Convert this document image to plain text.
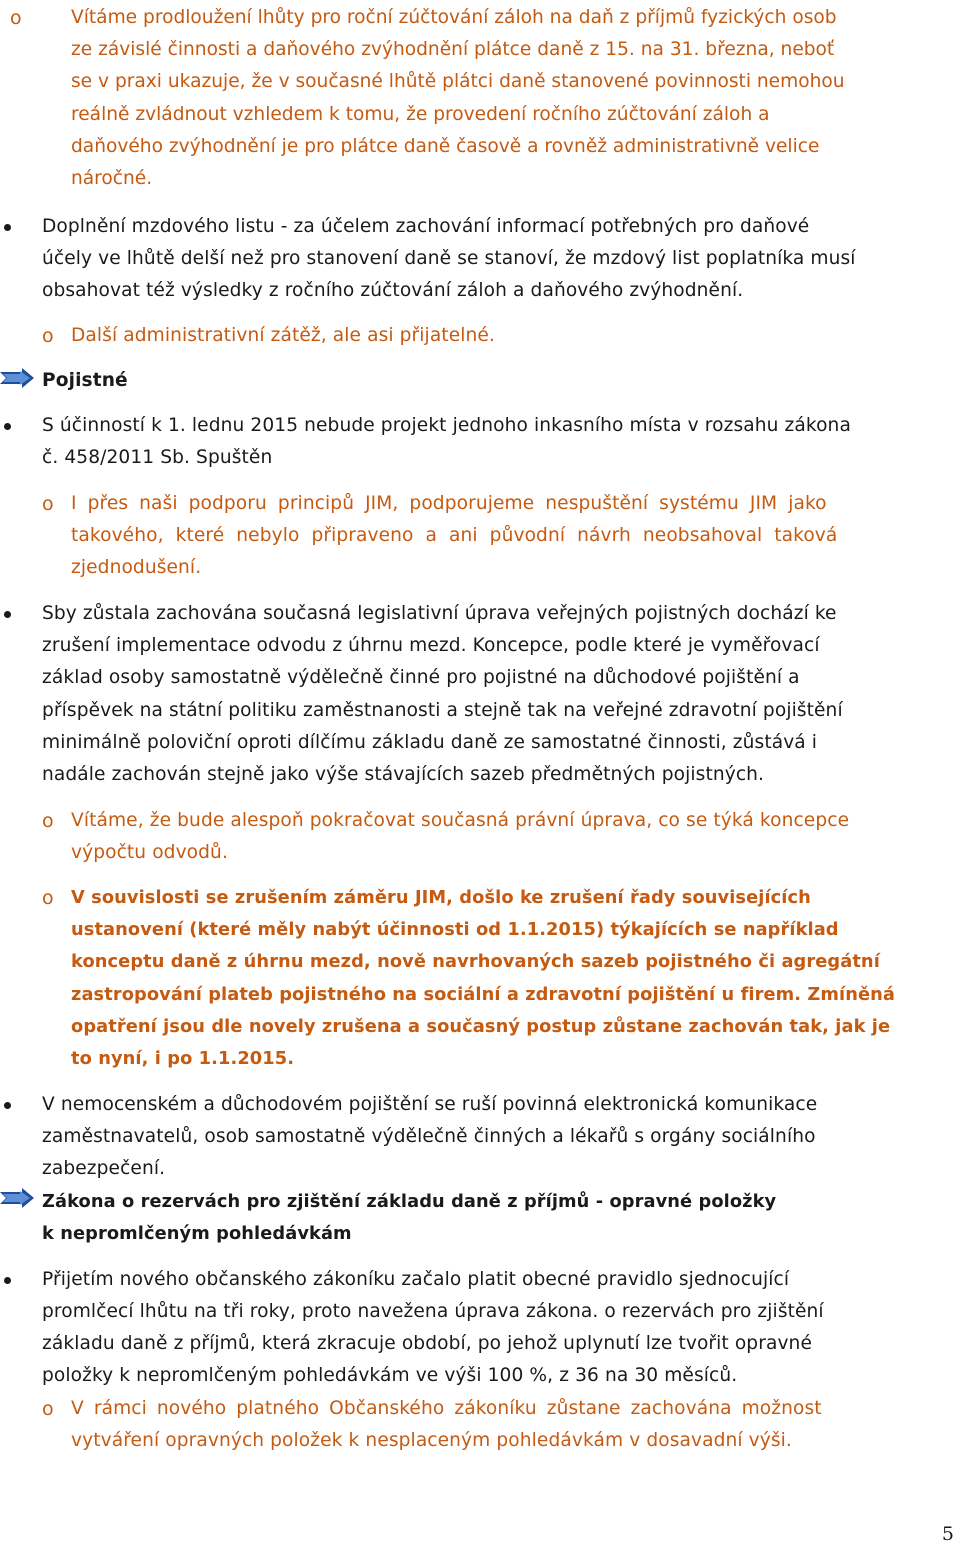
o	Vítáme prodloužení lhůty pro roční zúčtování záloh na daň z příjmů fyzických osob
ze závislé činnosti a daňového zvýhodnění plátce daně z 15. na 31. března, neboť
se v praxi ukazuje, že v současné lhůtě plátci daně stanovené povinnosti nemohou
reálně zvládnout vzhledem k tomu, že provedení ročního zúčtování záloh a
daňového zvýhodnění je pro plátce daně časově a rovněž administrativně velice
náročné.
Doplnění mzdového listu - za účelem zachování informací potřebných pro daňové
účely ve lhůtě delší než pro stanovení daně se stanoví, že mzdový list poplatníka musí
obsahovat též výsledky z ročního zúčtování záloh a daňového zvýhodnění.
o Další administrativní zátěž, ale asi přijatelné.
Pojistné
S účinností k 1. lednu 2015 nebude projekt jednoho inkasního místa v rozsahu zákona
č. 458/2011 Sb. Spuštěn
o I přes naši podporu principů JIM, podporujeme nespuštění systému JIM jako
takového, které nebylo připraveno a ani původní návrh neobsahoval taková
zjednodušení.
Sby zůstala zachována současná legislativní úprava veřejných pojistných dochází ke
zrušení implementace odvodu z úhrnu mezd. Koncepce, podle které je vyměřovací
základ osoby samostatně výdělečně činné pro pojistné na důchodové pojištění a
příspěvek na státní politiku zaměstnanosti a stejně tak na veřejné zdravotní pojištění
minimálně poloviční oproti dílčímu základu daně ze samostatné činnosti, zůstává i
nadále zachován stejně jako výše stávajících sazeb předmětných pojistných.
o Vítáme, že bude alespoň pokračovat současná právní úprava, co se týká koncepce
výpočtu odvodů.
o V souvislosti se zrušením záměru JIM, došlo ke zrušení řady souvisejících
ustanovení (které měly nabýt účinnosti od 1.1.2015) týkajících se například
konceptu daně z úhrnu mezd, nově navrhovaných sazeb pojistného či agregátní
zastropování plateb pojistného na sociální a zdravotní pojištění u firem. Zmíněná
opatření jsou dle novely zrušena a současný postup zůstane zachován tak, jak je
to nyní, i po 1.1.2015.
V nemocenském a důchodovém pojištění se ruší povinná elektronická komunikace
zaměstnavatelů, osob samostatně výdělečně činných a lékařů s orgány sociálního
zabezpečení.
Zákona o rezervách pro zjištění základu daně z příjmů - opravné položky
k nepromlčeným pohledávkám
Přijetím nového občanského zákoníku začalo platit obecné pravidlo sjednocující
promlčecí lhůtu na tři roky, proto navežena úprava zákona. o rezervách pro zjištění
základu daně z příjmů, která zkracuje období, po jehož uplynutí lze tvořit opravné
položky k nepromlčeným pohledávkám ve výši 100 %, z 36 na 30 měsíců.
o V rámci nového platného Občanského zákoníku zůstane zachována možnost
vytváření opravných položek k nesplaceným pohledávkám v dosavadní výši.
5
